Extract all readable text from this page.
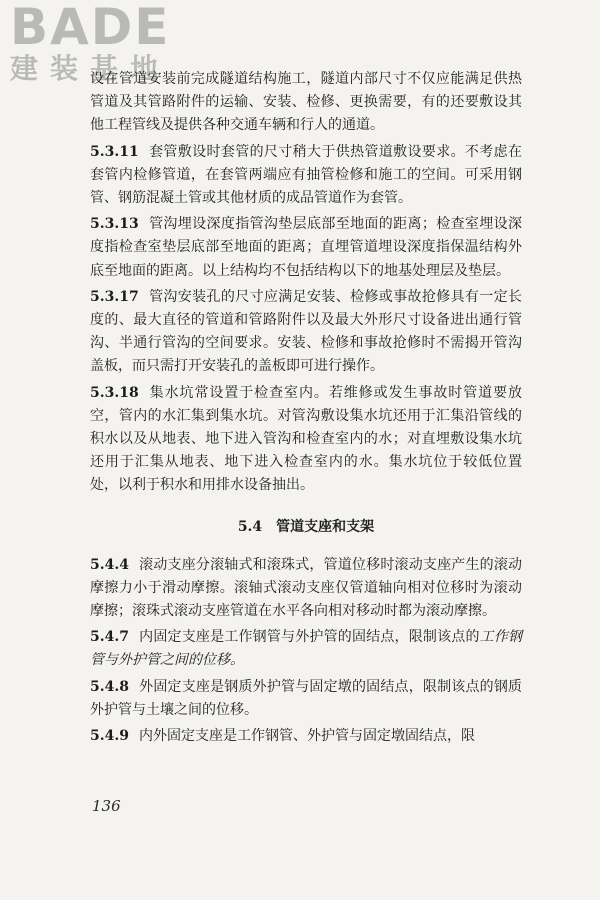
BADE
建装基地

设在管道安装前完成隧道结构施工，隧道内部尺寸不仅应能满足供热管道及其管路附件的运输、安装、检修、更换需要，有的还要敷设其他工程管线及提供各种交通车辆和行人的通道。

5.3.11 套管敷设时套管的尺寸稍大于供热管道敷设要求。不考虑在套管内检修管道，在套管两端应有抽管检修和施工的空间。可采用钢管、钢筋混凝土管或其他材质的成品管道作为套管。

5.3.13 管沟埋设深度指管沟垫层底部至地面的距离；检查室埋设深度指检查室垫层底部至地面的距离；直埋管道埋设深度指保温结构外底至地面的距离。以上结构均不包括结构以下的地基处理层及垫层。

5.3.17 管沟安装孔的尺寸应满足安装、检修或事故抢修具有一定长度的、最大直径的管道和管路附件以及最大外形尺寸设备进出通行管沟、半通行管沟的空间要求。安装、检修和事故抢修时不需揭开管沟盖板，而只需打开安装孔的盖板即可进行操作。

5.3.18 集水坑常设置于检查室内。若维修或发生事故时管道要放空，管内的水汇集到集水坑。对管沟敷设集水坑还用于汇集沿管线的积水以及从地表、地下进入管沟和检查室内的水；对直埋敷设集水坑还用于汇集从地表、地下进入检查室内的水。集水坑位于较低位置处，以利于积水和用排水设备抽出。

5.4 管道支座和支架

5.4.4 滚动支座分滚轴式和滚珠式，管道位移时滚动支座产生的滚动摩擦力小于滑动摩擦。滚轴式滚动支座仅管道轴向相对位移时为滚动摩擦；滚珠式滚动支座管道在水平各向相对移动时都为滚动摩擦。

5.4.7 内固定支座是工作钢管与外护管的固结点，限制该点的工作钢管与外护管之间的位移。

5.4.8 外固定支座是钢质外护管与固定墩的固结点，限制该点的钢质外护管与土壤之间的位移。

5.4.9 内外固定支座是工作钢管、外护管与固定墩固结点，限

136
